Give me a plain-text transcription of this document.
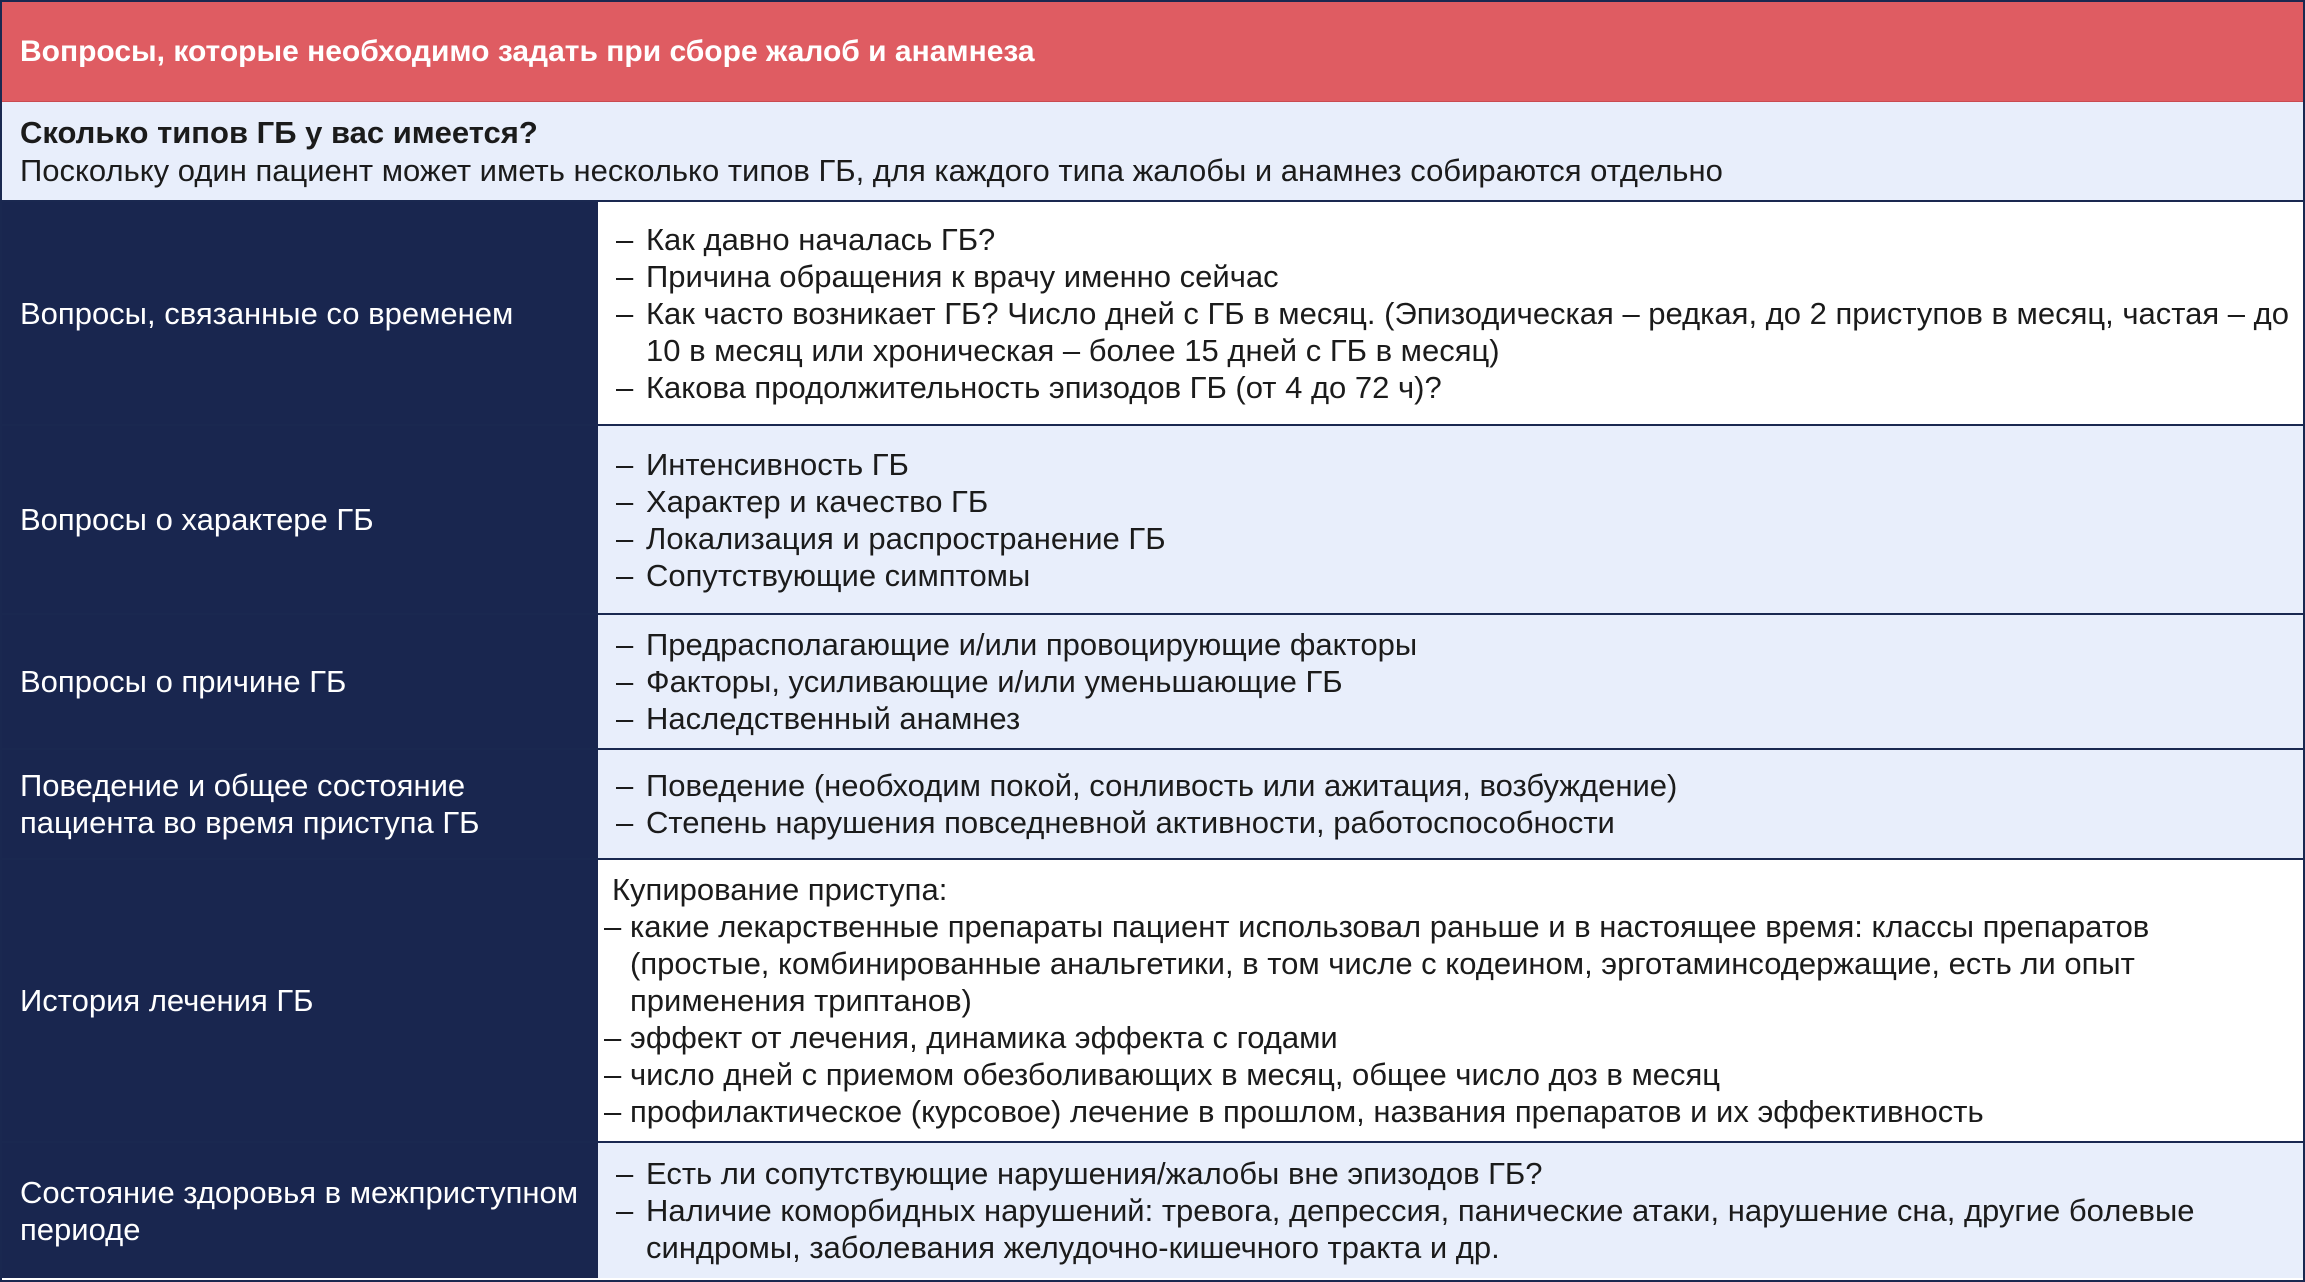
Вопросы, которые необходимо задать при сборе жалоб и анамнеза
Сколько типов ГБ у вас имеется?
Поскольку один пациент может иметь несколько типов ГБ, для каждого типа жалобы и анамнез собираются отдельно
Вопросы, связанные со временем
– Как давно началась ГБ?
– Причина обращения к врачу именно сейчас
– Как часто возникает ГБ? Число дней с ГБ в месяц. (Эпизодическая – редкая, до 2 приступов в месяц, частая – до 10 в месяц или хроническая – более 15 дней с ГБ в месяц)
– Какова продолжительность эпизодов ГБ (от 4 до 72 ч)?
Вопросы о характере ГБ
– Интенсивность ГБ
– Характер и качество ГБ
– Локализация и распространение ГБ
– Сопутствующие симптомы
Вопросы о причине ГБ
– Предрасполагающие и/или провоцирующие факторы
– Факторы, усиливающие и/или уменьшающие ГБ
– Наследственный анамнез
Поведение и общее состояние пациента во время приступа ГБ
– Поведение (необходим покой, сонливость или ажитация, возбуждение)
– Степень нарушения повседневной активности, работоспособности
История лечения ГБ
Купирование приступа:
– какие лекарственные препараты пациент использовал раньше и в настоящее время: классы препаратов (простые, комбинированные анальгетики, в том числе с кодеином, эрготаминсодержащие, есть ли опыт применения триптанов)
– эффект от лечения, динамика эффекта с годами
– число дней с приемом обезболивающих в месяц, общее число доз в месяц
– профилактическое (курсовое) лечение в прошлом, названия препаратов и их эффективность
Состояние здоровья в межприступном периоде
– Есть ли сопутствующие нарушения/жалобы вне эпизодов ГБ?
– Наличие коморбидных нарушений: тревога, депрессия, панические атаки, нарушение сна, другие болевые синдромы, заболевания желудочно-кишечного тракта и др.
